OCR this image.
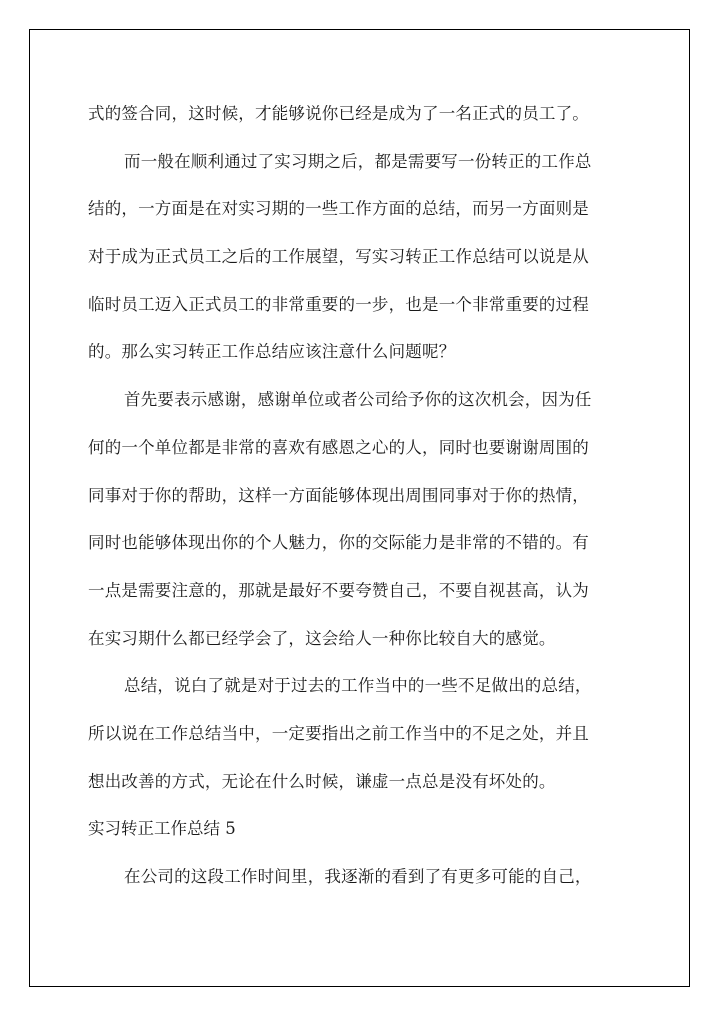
式的签合同，这时候，才能够说你已经是成为了一名正式的员工了。
而一般在顺利通过了实习期之后，都是需要写一份转正的工作总
结的，一方面是在对实习期的一些工作方面的总结，而另一方面则是
对于成为正式员工之后的工作展望，写实习转正工作总结可以说是从
临时员工迈入正式员工的非常重要的一步，也是一个非常重要的过程
的。那么实习转正工作总结应该注意什么问题呢？
首先要表示感谢，感谢单位或者公司给予你的这次机会，因为任
何的一个单位都是非常的喜欢有感恩之心的人，同时也要谢谢周围的
同事对于你的帮助，这样一方面能够体现出周围同事对于你的热情，
同时也能够体现出你的个人魅力，你的交际能力是非常的不错的。有
一点是需要注意的，那就是最好不要夸赞自己，不要自视甚高，认为
在实习期什么都已经学会了，这会给人一种你比较自大的感觉。
总结，说白了就是对于过去的工作当中的一些不足做出的总结，
所以说在工作总结当中，一定要指出之前工作当中的不足之处，并且
想出改善的方式，无论在什么时候，谦虚一点总是没有坏处的。
实习转正工作总结 5
在公司的这段工作时间里，我逐渐的看到了有更多可能的自己，
